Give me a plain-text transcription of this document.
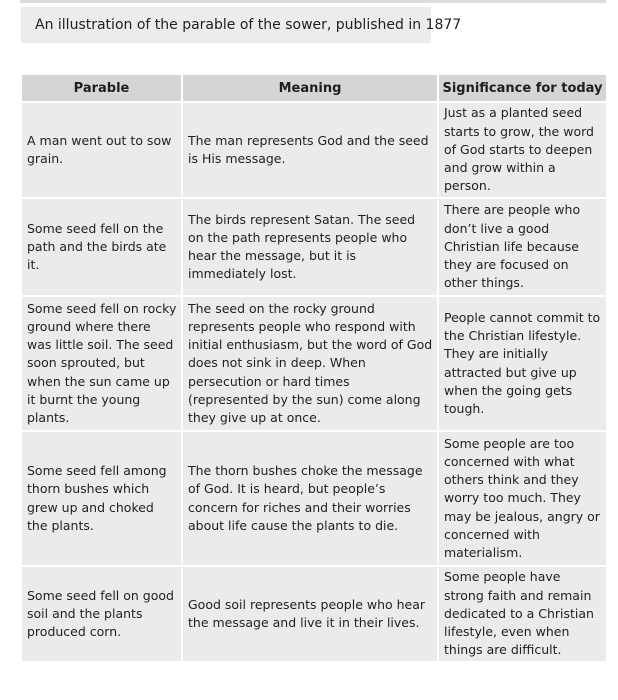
An illustration of the parable of the sower, published in 1877
Parable	Meaning	Significance for today
A man went out to sow grain.	The man represents God and the seed is His message.	Just as a planted seed starts to grow, the word of God starts to deepen and grow within a person.
Some seed fell on the path and the birds ate it.	The birds represent Satan. The seed on the path represents people who hear the message, but it is immediately lost.	There are people who don’t live a good Christian life because they are focused on other things.
Some seed fell on rocky ground where there was little soil. The seed soon sprouted, but when the sun came up it burnt the young plants.	The seed on the rocky ground represents people who respond with initial enthusiasm, but the word of God does not sink in deep. When persecution or hard times (represented by the sun) come along they give up at once.	People cannot commit to the Christian lifestyle. They are initially attracted but give up when the going gets tough.
Some seed fell among thorn bushes which grew up and choked the plants.	The thorn bushes choke the message of God. It is heard, but people’s concern for riches and their worries about life cause the plants to die.	Some people are too concerned with what others think and they worry too much. They may be jealous, angry or concerned with materialism.
Some seed fell on good soil and the plants produced corn.	Good soil represents people who hear the message and live it in their lives.	Some people have strong faith and remain dedicated to a Christian lifestyle, even when things are difficult.
